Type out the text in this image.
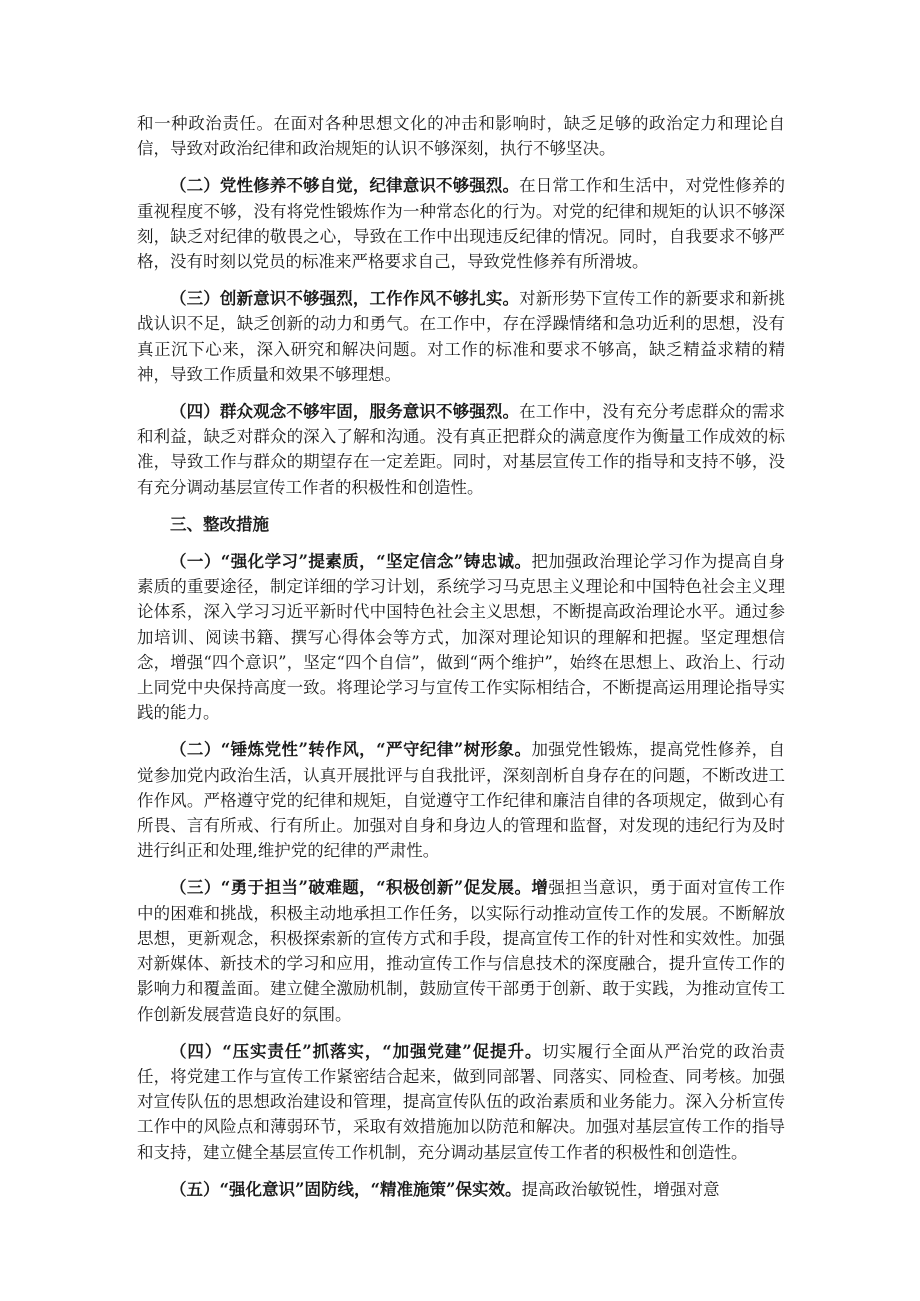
和一种政治责任。在面对各种思想文化的冲击和影响时，缺乏足够的政治定力和理论自信，导致对政治纪律和政治规矩的认识不够深刻，执行不够坚决。

（二）党性修养不够自觉，纪律意识不够强烈。在日常工作和生活中，对党性修养的重视程度不够，没有将党性锻炼作为一种常态化的行为。对党的纪律和规矩的认识不够深刻，缺乏对纪律的敬畏之心，导致在工作中出现违反纪律的情况。同时，自我要求不够严格，没有时刻以党员的标准来严格要求自己，导致党性修养有所滑坡。

（三）创新意识不够强烈，工作作风不够扎实。对新形势下宣传工作的新要求和新挑战认识不足，缺乏创新的动力和勇气。在工作中，存在浮躁情绪和急功近利的思想，没有真正沉下心来，深入研究和解决问题。对工作的标准和要求不够高，缺乏精益求精的精神，导致工作质量和效果不够理想。

（四）群众观念不够牢固，服务意识不够强烈。在工作中，没有充分考虑群众的需求和利益，缺乏对群众的深入了解和沟通。没有真正把群众的满意度作为衡量工作成效的标准，导致工作与群众的期望存在一定差距。同时，对基层宣传工作的指导和支持不够，没有充分调动基层宣传工作者的积极性和创造性。

三、整改措施

（一）“强化学习”提素质，“坚定信念”铸忠诚。把加强政治理论学习作为提高自身素质的重要途径，制定详细的学习计划，系统学习马克思主义理论和中国特色社会主义理论体系，深入学习习近平新时代中国特色社会主义思想，不断提高政治理论水平。通过参加培训、阅读书籍、撰写心得体会等方式，加深对理论知识的理解和把握。坚定理想信念，增强“四个意识”，坚定“四个自信”，做到“两个维护”，始终在思想上、政治上、行动上同党中央保持高度一致。将理论学习与宣传工作实际相结合，不断提高运用理论指导实践的能力。

（二）“锤炼党性”转作风，“严守纪律”树形象。加强党性锻炼，提高党性修养，自觉参加党内政治生活，认真开展批评与自我批评，深刻剖析自身存在的问题，不断改进工作作风。严格遵守党的纪律和规矩，自觉遵守工作纪律和廉洁自律的各项规定，做到心有所畏、言有所戒、行有所止。加强对自身和身边人的管理和监督，对发现的违纪行为及时进行纠正和处理,维护党的纪律的严肃性。

（三）“勇于担当”破难题，“积极创新”促发展。增强担当意识，勇于面对宣传工作中的困难和挑战，积极主动地承担工作任务，以实际行动推动宣传工作的发展。不断解放思想，更新观念，积极探索新的宣传方式和手段，提高宣传工作的针对性和实效性。加强对新媒体、新技术的学习和应用，推动宣传工作与信息技术的深度融合，提升宣传工作的影响力和覆盖面。建立健全激励机制，鼓励宣传干部勇于创新、敢于实践，为推动宣传工作创新发展营造良好的氛围。

（四）“压实责任”抓落实，“加强党建”促提升。切实履行全面从严治党的政治责任，将党建工作与宣传工作紧密结合起来，做到同部署、同落实、同检查、同考核。加强对宣传队伍的思想政治建设和管理，提高宣传队伍的政治素质和业务能力。深入分析宣传工作中的风险点和薄弱环节，采取有效措施加以防范和解决。加强对基层宣传工作的指导和支持，建立健全基层宣传工作机制，充分调动基层宣传工作者的积极性和创造性。

（五）“强化意识”固防线，“精准施策”保实效。提高政治敏锐性，增强对意
